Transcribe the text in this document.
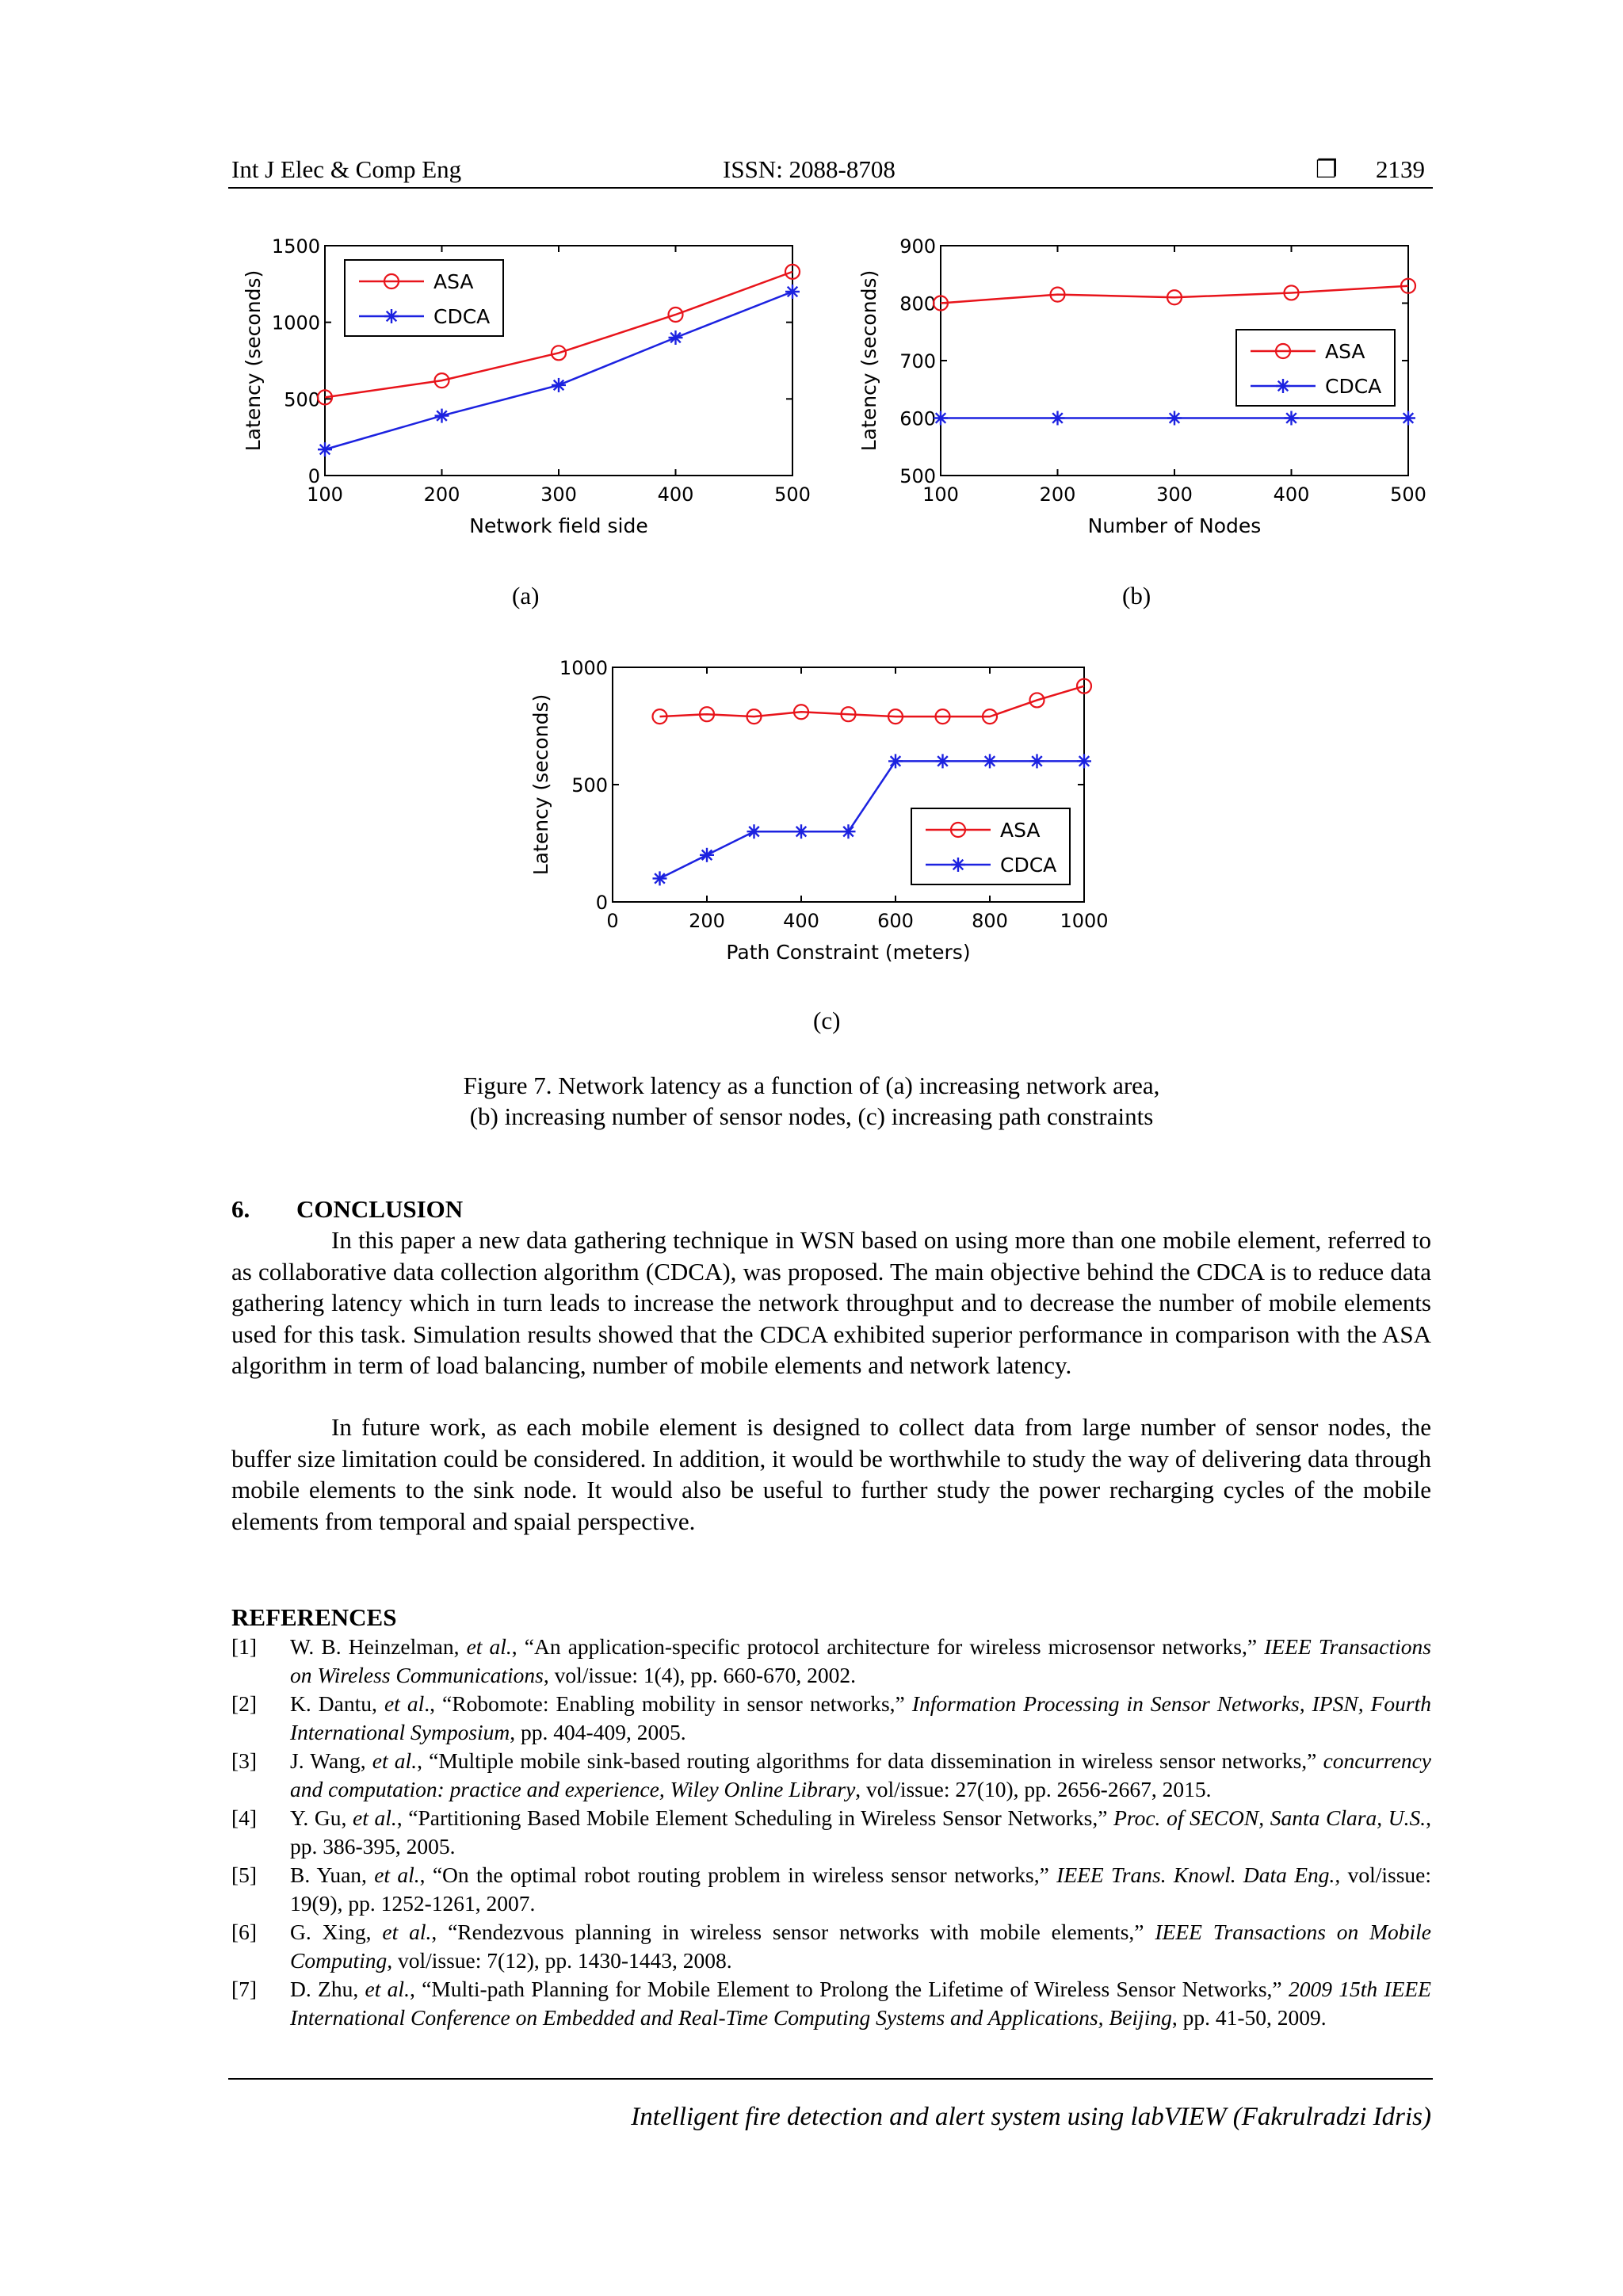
Int J Elec & Comp Eng	ISSN: 2088-8708	❐ 2139
100	200	300	400	500
0
500
1000
1500
Network field side
Latency (seconds)	ASA
CDCA
100	200	300	400	500
500
600
700
800
900
Number of Nodes
Latency (seconds)	ASA
CDCA
0	200	400	600	800	1000
0
500
1000
Path Constraint (meters)
Latency (seconds)	ASA
CDCA
(a)	(b)
(c)
Figure 7. Network latency as a function of (a) increasing network area,
(b) increasing number of sensor nodes, (c) increasing path constraints
6. CONCLUSION

In this paper a new data gathering technique in WSN based on using more than one mobile element, referred to as collaborative data collection algorithm (CDCA), was proposed. The main objective behind the CDCA is to reduce data gathering latency which in turn leads to increase the network throughput and to decrease the number of mobile elements used for this task. Simulation results showed that the CDCA exhibited superior performance in comparison with the ASA algorithm in term of load balancing, number of mobile elements and network latency.

In future work, as each mobile element is designed to collect data from large number of sensor nodes, the buffer size limitation could be considered. In addition, it would be worthwhile to study the way of delivering data through mobile elements to the sink node. It would also be useful to further study the power recharging cycles of the mobile elements from temporal and spaial perspective.

REFERENCES
[1]	W. B. Heinzelman, et al., “An application-specific protocol architecture for wireless microsensor networks,” IEEE Transactions on Wireless Communications, vol/issue: 1(4), pp. 660-670, 2002.
[2]	K. Dantu, et al., “Robomote: Enabling mobility in sensor networks,” Information Processing in Sensor Networks, IPSN, Fourth International Symposium, pp. 404-409, 2005.
[3]	J. Wang, et al., “Multiple mobile sink-based routing algorithms for data dissemination in wireless sensor networks,” concurrency and computation: practice and experience, Wiley Online Library, vol/issue: 27(10), pp. 2656-2667, 2015.
[4]	Y. Gu, et al., “Partitioning Based Mobile Element Scheduling in Wireless Sensor Networks,” Proc. of SECON, Santa Clara, U.S., pp. 386-395, 2005.
[5]	B. Yuan, et al., “On the optimal robot routing problem in wireless sensor networks,” IEEE Trans. Knowl. Data Eng., vol/issue: 19(9), pp. 1252-1261, 2007.
[6]	G. Xing, et al., “Rendezvous planning in wireless sensor networks with mobile elements,” IEEE Transactions on Mobile Computing, vol/issue: 7(12), pp. 1430-1443, 2008.
[7]	D. Zhu, et al., “Multi-path Planning for Mobile Element to Prolong the Lifetime of Wireless Sensor Networks,” 2009 15th IEEE International Conference on Embedded and Real-Time Computing Systems and Applications, Beijing, pp. 41-50, 2009.
Intelligent fire detection and alert system using labVIEW (Fakrulradzi Idris)
